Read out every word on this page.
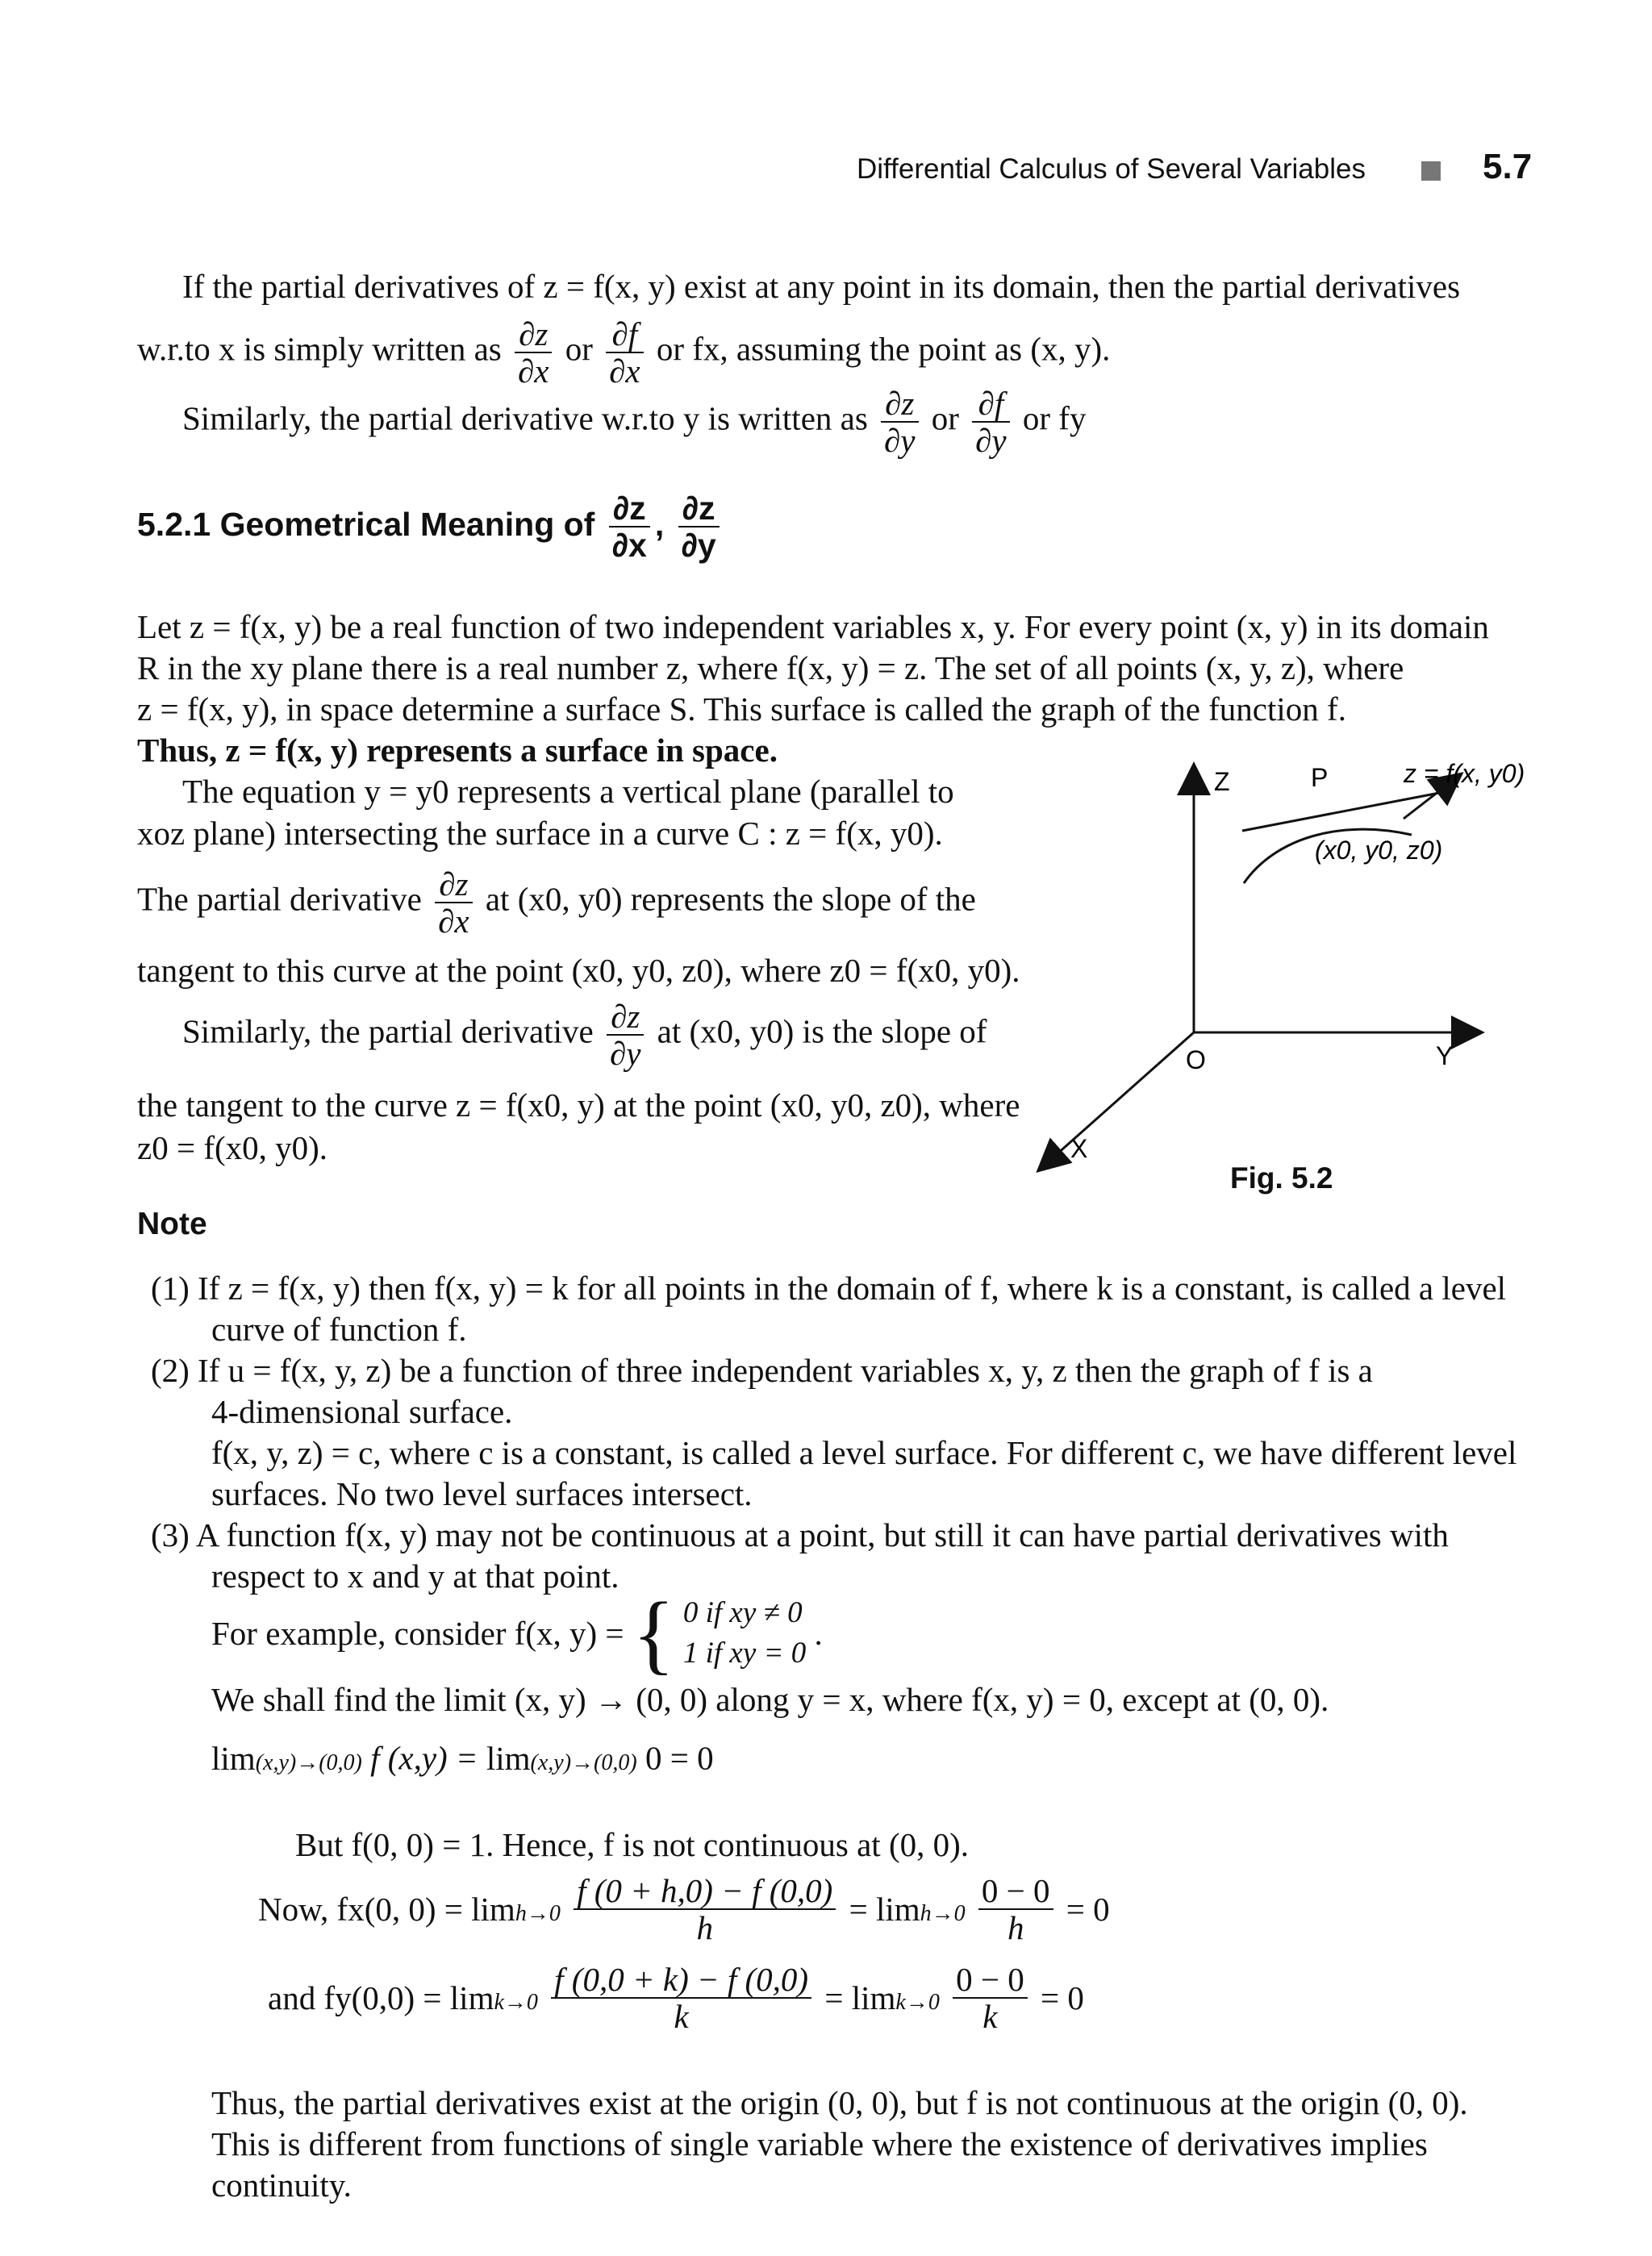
Differential Calculus of Several Variables	5.7
If the partial derivatives of z = f(x, y) exist at any point in its domain, then the partial derivatives
w.r.to x is simply written as $\frac{\partial z}{\partial x}$ or $\frac{\partial f}{\partial x}$ or fx, assuming the point as (x, y).
Similarly, the partial derivative w.r.to y is written as $\frac{\partial z}{\partial y}$ or $\frac{\partial f}{\partial y}$ or fy
5.2.1 Geometrical Meaning of $\frac{\partial z}{\partial x}$ , $\frac{\partial z}{\partial y}$
Let z = f(x, y) be a real function of two independent variables x, y. For every point (x, y) in its domain
R in the xy plane there is a real number z, where f(x, y) = z. The set of all points (x, y, z), where
z = f(x, y), in space determine a surface S. This surface is called the graph of the function f.
Thus, z = f(x, y) represents a surface in space.
The equation y = y0 represents a vertical plane (parallel to
xoz plane) intersecting the surface in a curve C : z = f(x, y0).
The partial derivative $\frac{\partial z}{\partial x}$ at (x0, y0) represents the slope of the
tangent to this curve at the point (x0, y0, z0), where z0 = f(x0, y0).
Similarly, the partial derivative $\frac{\partial z}{\partial y}$ at (x0, y0) is the slope of
the tangent to the curve z = f(x0, y) at the point (x0, y0, z0), where
z0 = f(x0, y0).
Z	P	z = f(x, y0)
(x0, y0, z0)
O	Y
X
Fig. 5.2
Note
(1) If z = f(x, y) then f(x, y) = k for all points in the domain of f, where k is a constant, is called a level
curve of function f.
(2) If u = f(x, y, z) be a function of three independent variables x, y, z then the graph of f is a
4-dimensional surface.
f(x, y, z) = c, where c is a constant, is called a level surface. For different c, we have different level
surfaces. No two level surfaces intersect.
(3) A function f(x, y) may not be continuous at a point, but still it can have partial derivatives with
respect to x and y at that point.
For example, consider f(x, y) = { 0 if xy ≠ 0
1 if xy = 0
.
We shall find the limit (x, y) → (0, 0) along y = x, where f(x, y) = 0, except at (0, 0).
lim(x,y)→(0,0) f (x,y) = lim(x,y)→(0,0) 0 = 0
But f(0, 0) = 1. Hence, f is not continuous at (0, 0).
Now, fx(0, $0) = \lim h\to 0 \frac{f (0 + h,0) - f (0,0)}{h} = \lim h\to 0 \frac{0 - 0}{h} = 0$
and $fy(0,0) = \lim k\to 0 \frac{f (0,0 + k) - f (0,0)}{k} = \lim k\to 0 \frac{0 - 0}{k} = 0$
Thus, the partial derivatives exist at the origin (0, 0), but f is not continuous at the origin (0, 0).
This is different from functions of single variable where the existence of derivatives implies
continuity.
